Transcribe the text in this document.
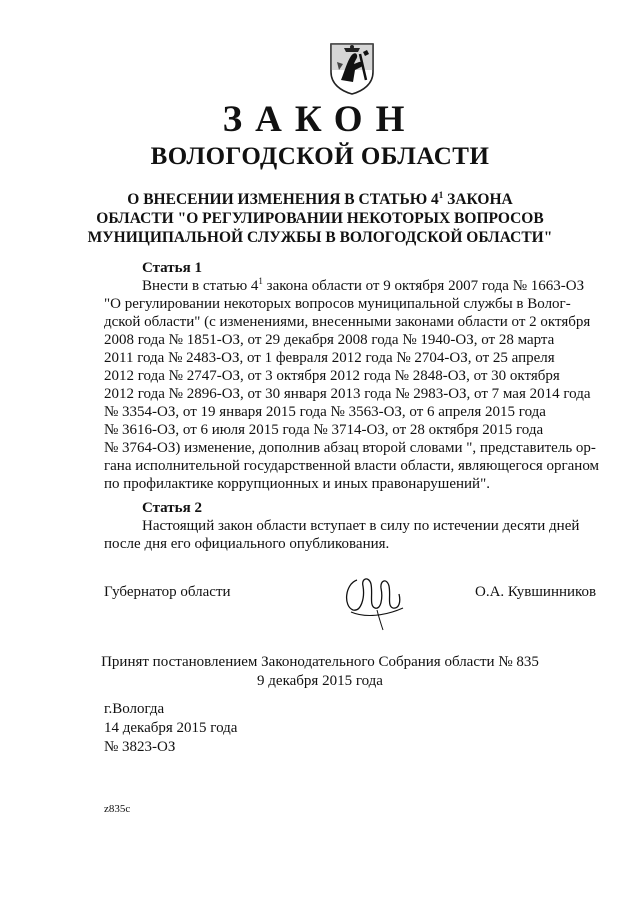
ЗАКОН
ВОЛОГОДСКОЙ ОБЛАСТИ
О ВНЕСЕНИИ ИЗМЕНЕНИЯ В СТАТЬЮ $4^1$ ЗАКОНА
ОБЛАСТИ "О РЕГУЛИРОВАНИИ НЕКОТОРЫХ ВОПРОСОВ
МУНИЦИПАЛЬНОЙ СЛУЖБЫ В ВОЛОГОДСКОЙ ОБЛАСТИ"
Статья 1
Внести в статью $4^1$ закона области от 9 октября 2007 года № 1663-ОЗ
"О регулировании некоторых вопросов муниципальной службы в Волог-
дской области" (с изменениями, внесенными законами области от 2 октября
2008 года № 1851-ОЗ, от 29 декабря 2008 года № 1940-ОЗ, от 28 марта
2011 года № 2483-ОЗ, от 1 февраля 2012 года № 2704-ОЗ, от 25 апреля
2012 года № 2747-ОЗ, от 3 октября 2012 года № 2848-ОЗ, от 30 октября
2012 года № 2896-ОЗ, от 30 января 2013 года № 2983-ОЗ, от 7 мая 2014 года
№ 3354-ОЗ, от 19 января 2015 года № 3563-ОЗ, от 6 апреля 2015 года
№ 3616-ОЗ, от 6 июля 2015 года № 3714-ОЗ, от 28 октября 2015 года
№ 3764-ОЗ) изменение, дополнив абзац второй словами ", представитель ор-
гана исполнительной государственной власти области, являющегося органом
по профилактике коррупционных и иных правонарушений".
Статья 2
Настоящий закон области вступает в силу по истечении десяти дней
после дня его официального опубликования.
Губернатор области	О.А. Кувшинников
Принят постановлением Законодательного Собрания области № 835
9 декабря 2015 года
г.Вологда
14 декабря 2015 года
№ 3823-ОЗ
z835c
